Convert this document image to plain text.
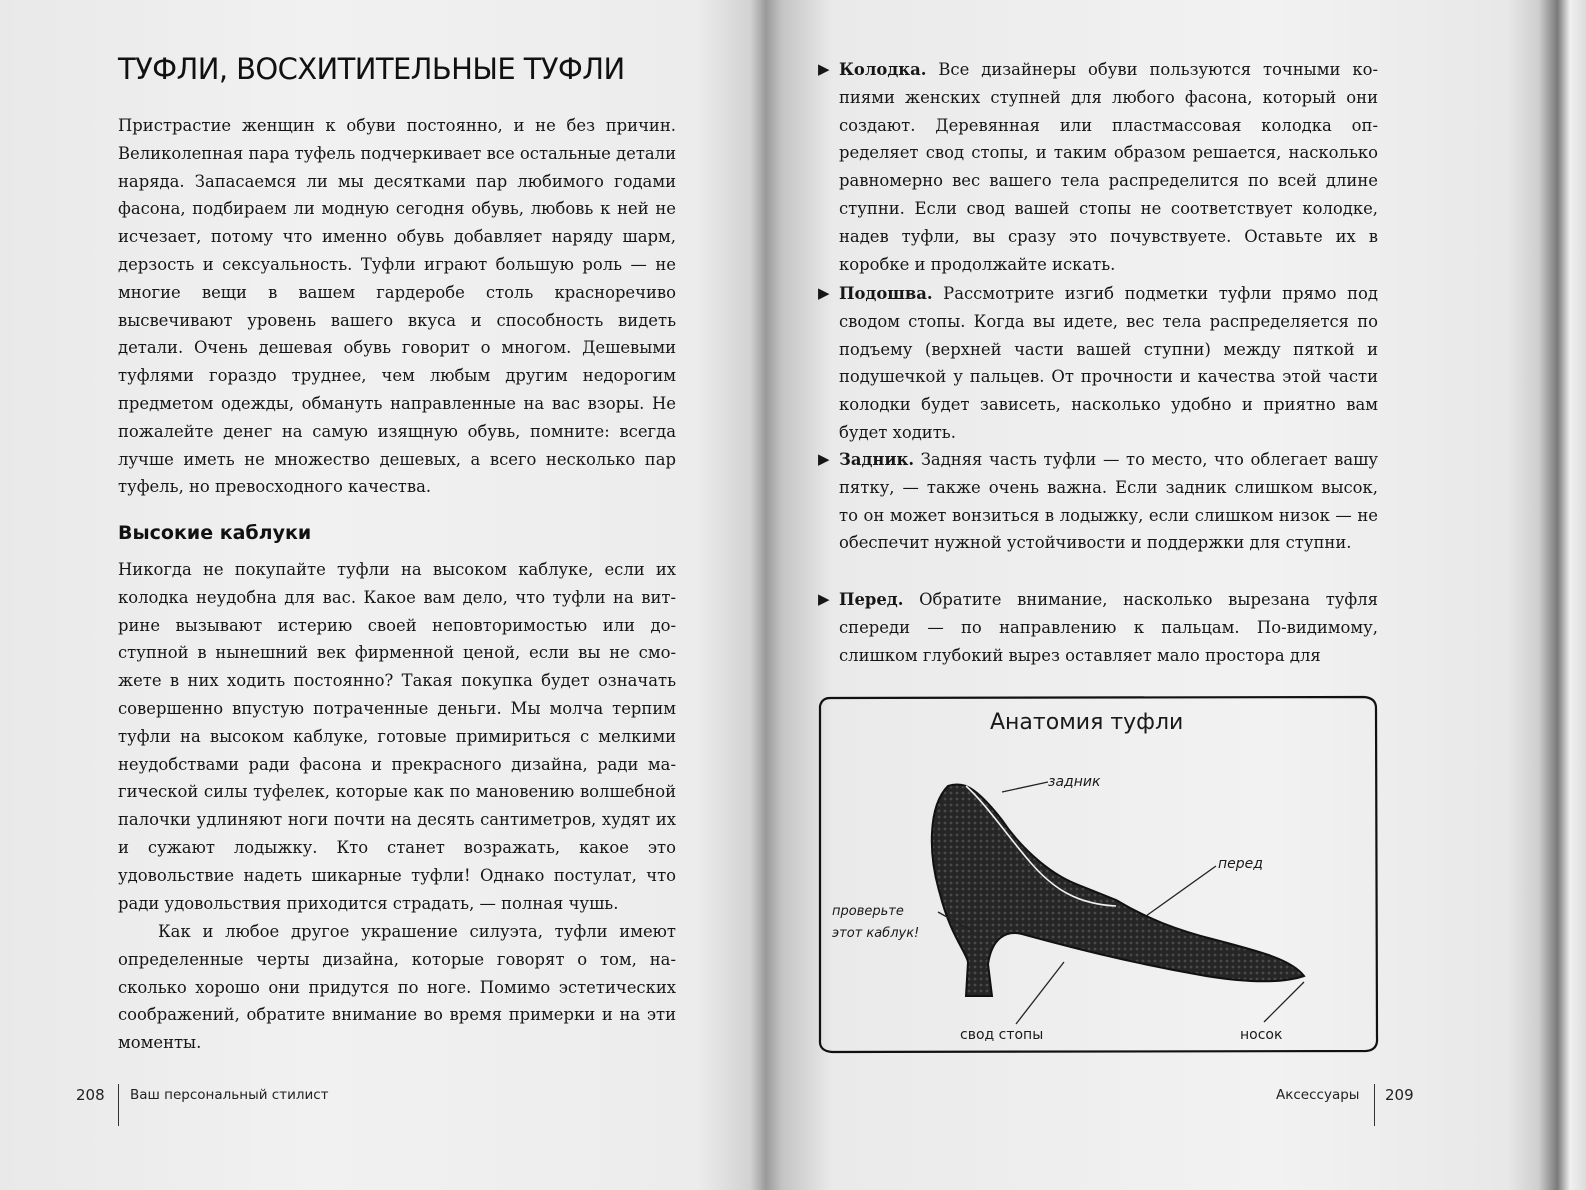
ТУФЛИ, ВОСХИТИТЕЛЬНЫЕ ТУФЛИ

Пристрастие женщин к обуви постоянно, и не без причин. Великолепная пара туфель подчеркивает все остальные детали наряда. Запасаемся ли мы десятками пар любимого годами фасона, подбираем ли модную сегодня обувь, любовь к ней не исчезает, потому что именно обувь добавляет наряду шарм, дерзость и сексуальность. Туфли играют большую роль — не многие вещи в вашем гардеробе столь красноречиво высвечивают уровень вашего вкуса и способность видеть детали. Очень дешевая обувь говорит о многом. Дешевыми туфлями гораздо труднее, чем любым другим недорогим предметом одежды, обмануть направленные на вас взоры. Не пожалейте денег на самую изящную обувь, помните: всегда лучше иметь не множество дешевых, а всего несколько пар туфель, но превосходного качества.

Высокие каблуки

Никогда не покупайте туфли на высоком каблуке, если их колодка неудобна для вас. Какое вам дело, что туфли на витрине вызывают истерию своей неповторимостью или доступной в нынешний век фирменной ценой, если вы не сможете в них ходить постоянно? Такая покупка будет означать совершенно впустую потраченные деньги. Мы молча терпим туфли на высоком каблуке, готовые примириться с мелкими неудобствами ради фасона и прекрасного дизайна, ради магической силы туфелек, которые как по мановению волшебной палочки удлиняют ноги почти на десять сантиметров, худят их и сужают лодыжку. Кто станет возражать, какое это удовольствие надеть шикарные туфли! Однако постулат, что ради удовольствия приходится страдать, — полная чушь.

Как и любое другое украшение силуэта, туфли имеют определенные черты дизайна, которые говорят о том, насколько хорошо они придутся по ноге. Помимо эстетических соображений, обратите внимание во время примерки и на эти моменты.

208 Ваш персональный стилист

▶ Колодка. Все дизайнеры обуви пользуются точными копиями женских ступней для любого фасона, который они создают. Деревянная или пластмассовая колодка определяет свод стопы, и таким образом решается, насколько равномерно вес вашего тела распределится по всей длине ступни. Если свод вашей стопы не соответствует колодке, надев туфли, вы сразу это почувствуете. Оставьте их в коробке и продолжайте искать.

▶ Подошва. Рассмотрите изгиб подметки туфли прямо под сводом стопы. Когда вы идете, вес тела распределяется по подъему (верхней части вашей ступни) между пяткой и подушечкой у пальцев. От прочности и качества этой части колодки будет зависеть, насколько удобно и приятно вам будет ходить.

▶ Задник. Задняя часть туфли — то место, что облегает вашу пятку, — также очень важна. Если задник слишком высок, то он может вонзиться в лодыжку, если слишком низок — не обеспечит нужной устойчивости и поддержки для ступни.

▶ Перед. Обратите внимание, насколько вырезана туфля спереди — по направлению к пальцам. По-видимому, слишком глубокий вырез оставляет мало простора для

Анатомия туфли
задник
перед
проверьте
этот каблук!
свод стопы	носок
Аксессуары 209
